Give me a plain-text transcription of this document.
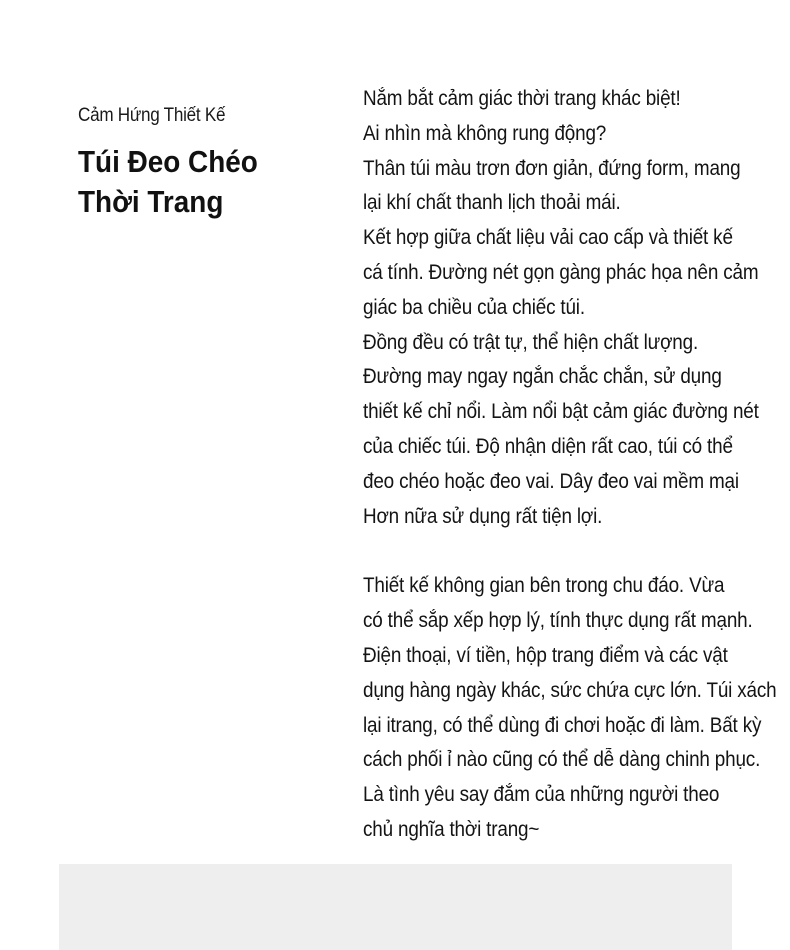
Cảm Hứng Thiết Kế
Túi Đeo Chéo
Thời Trang
Nắm bắt cảm giác thời trang khác biệt!
Ai nhìn mà không rung động?
Thân túi màu trơn đơn giản, đứng form, mang
lại khí chất thanh lịch thoải mái.
Kết hợp giữa chất liệu vải cao cấp và thiết kế
cá tính. Đường nét gọn gàng phác họa nên cảm
giác ba chiều của chiếc túi.
Đồng đều có trật tự, thể hiện chất lượng.
Đường may ngay ngắn chắc chắn, sử dụng
thiết kế chỉ nổi. Làm nổi bật cảm giác đường nét
của chiếc túi. Độ nhận diện rất cao, túi có thể
đeo chéo hoặc đeo vai. Dây đeo vai mềm mại
Hơn nữa sử dụng rất tiện lợi.
Thiết kế không gian bên trong chu đáo. Vừa
có thể sắp xếp hợp lý, tính thực dụng rất mạnh.
Điện thoại, ví tiền, hộp trang điểm và các vật
dụng hàng ngày khác, sức chứa cực lớn. Túi xách
lại itrang, có thể dùng đi chơi hoặc đi làm. Bất kỳ
cách phối ỉ nào cũng có thể dễ dàng chinh phục.
Là tình yêu say đắm của những người theo
chủ nghĩa thời trang~
